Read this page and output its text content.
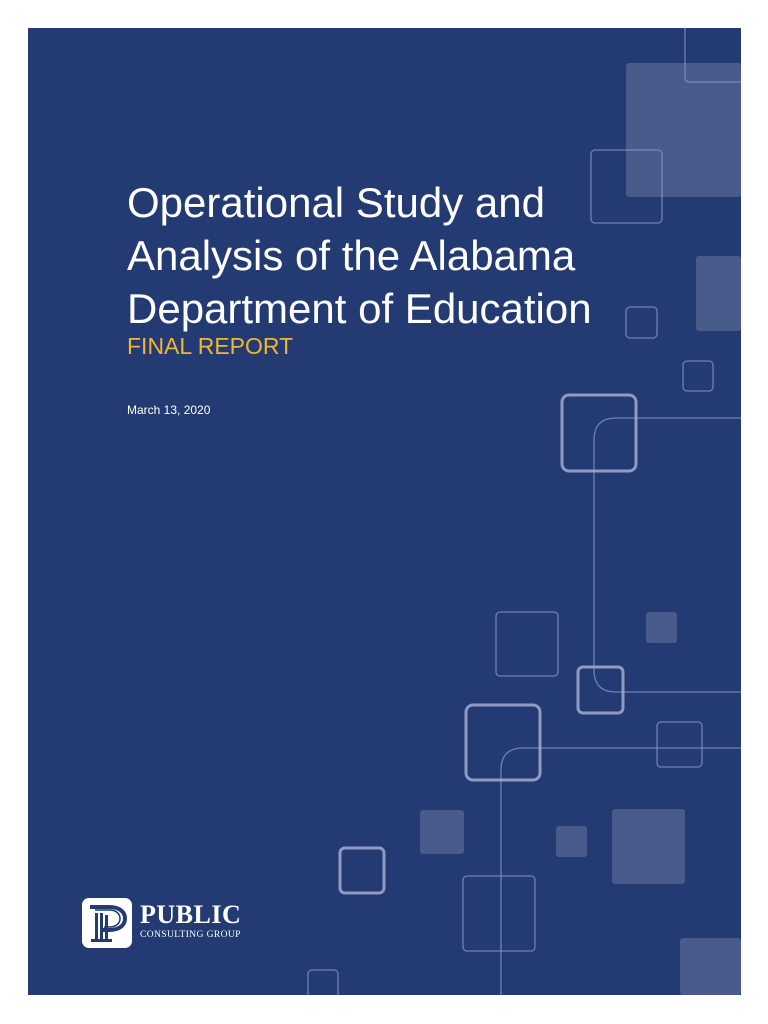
Operational Study and
Analysis of the Alabama
Department of Education
FINAL REPORT
March 13, 2020
PUBLIC
CONSULTING GROUP
